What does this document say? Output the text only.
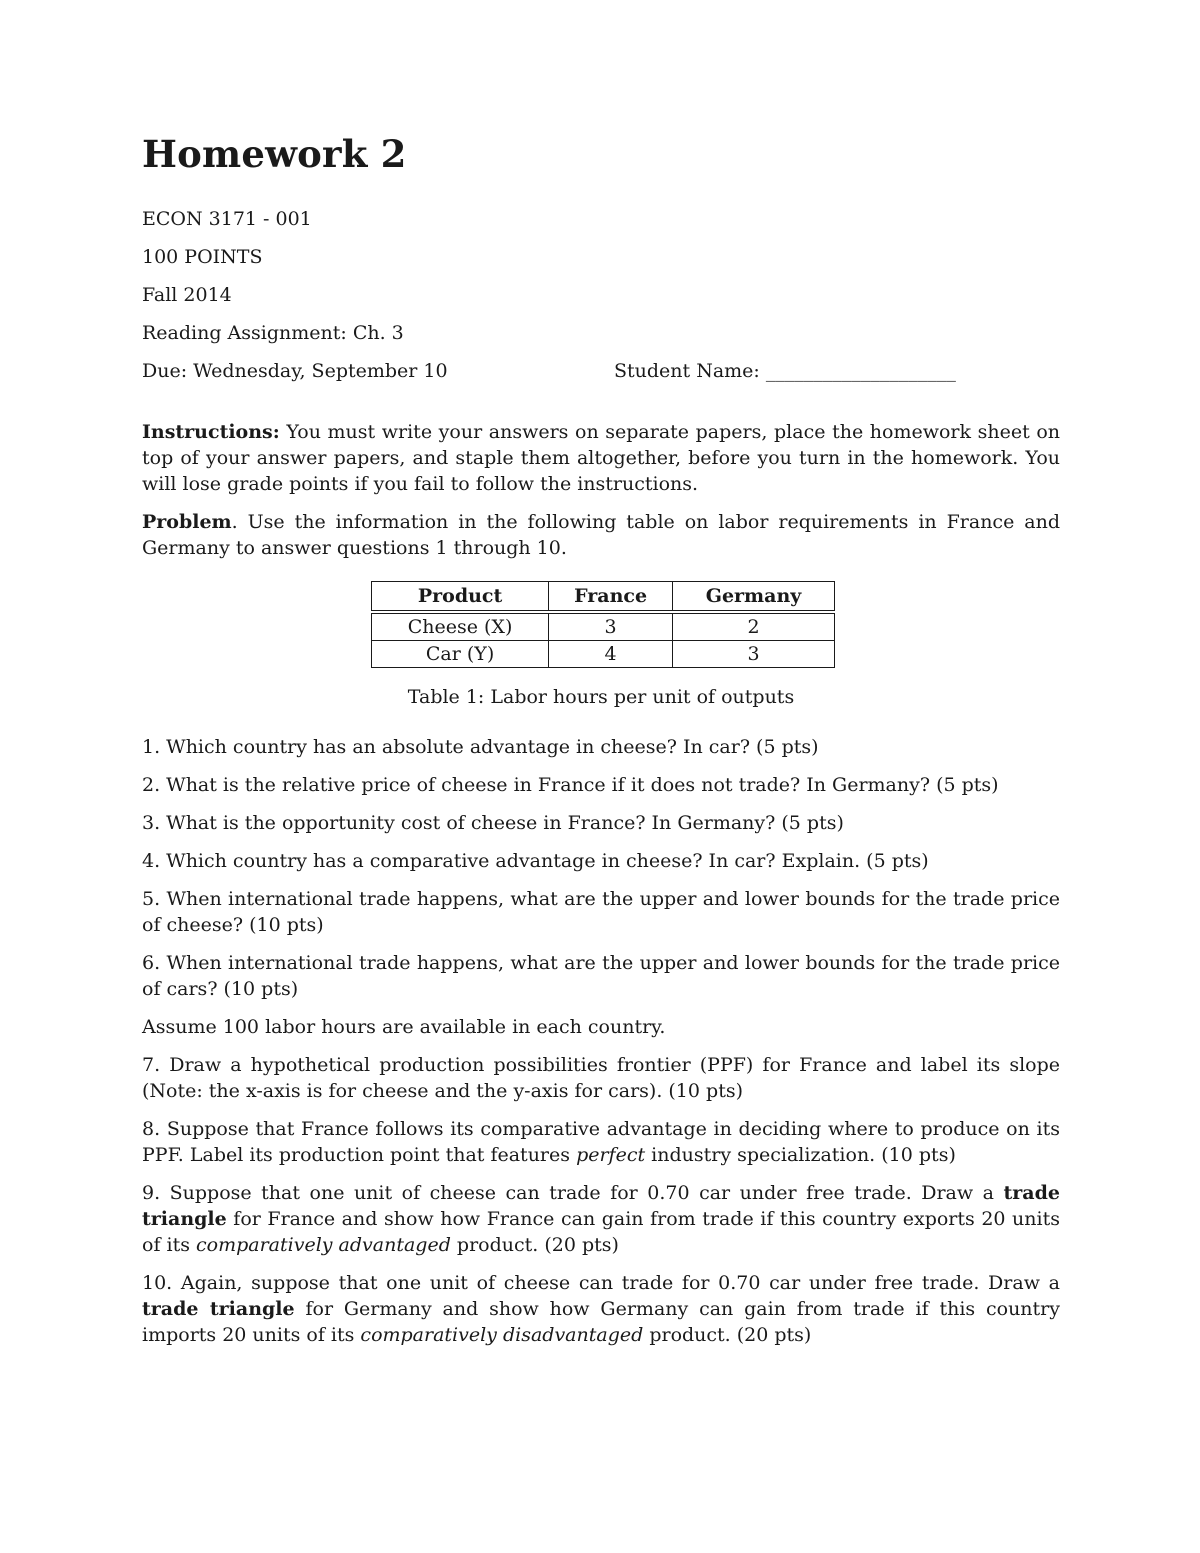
Homework 2
ECON 3171 - 001
100 POINTS
Fall 2014
Reading Assignment: Ch. 3
Due: Wednesday, September 10	Student Name: ____________________
Instructions: You must write your answers on separate papers, place the homework sheet on top of your answer papers, and staple them altogether, before you turn in the homework. You will lose grade points if you fail to follow the instructions.
Problem. Use the information in the following table on labor requirements in France and Germany to answer questions 1 through 10.
Product	France	Germany
Cheese (X)	3	2
Car (Y)	4	3
Table 1: Labor hours per unit of outputs
1. Which country has an absolute advantage in cheese? In car? (5 pts)
2. What is the relative price of cheese in France if it does not trade? In Germany? (5 pts)
3. What is the opportunity cost of cheese in France? In Germany? (5 pts)
4. Which country has a comparative advantage in cheese? In car? Explain. (5 pts)
5. When international trade happens, what are the upper and lower bounds for the trade price of cheese? (10 pts)
6. When international trade happens, what are the upper and lower bounds for the trade price of cars? (10 pts)
Assume 100 labor hours are available in each country.
7. Draw a hypothetical production possibilities frontier (PPF) for France and label its slope (Note: the x-axis is for cheese and the y-axis for cars). (10 pts)
8. Suppose that France follows its comparative advantage in deciding where to produce on its PPF. Label its production point that features perfect industry specialization. (10 pts)
9. Suppose that one unit of cheese can trade for 0.70 car under free trade. Draw a trade triangle for France and show how France can gain from trade if this country exports 20 units of its comparatively advantaged product. (20 pts)
10. Again, suppose that one unit of cheese can trade for 0.70 car under free trade. Draw a trade triangle for Germany and show how Germany can gain from trade if this country imports 20 units of its comparatively disadvantaged product. (20 pts)
